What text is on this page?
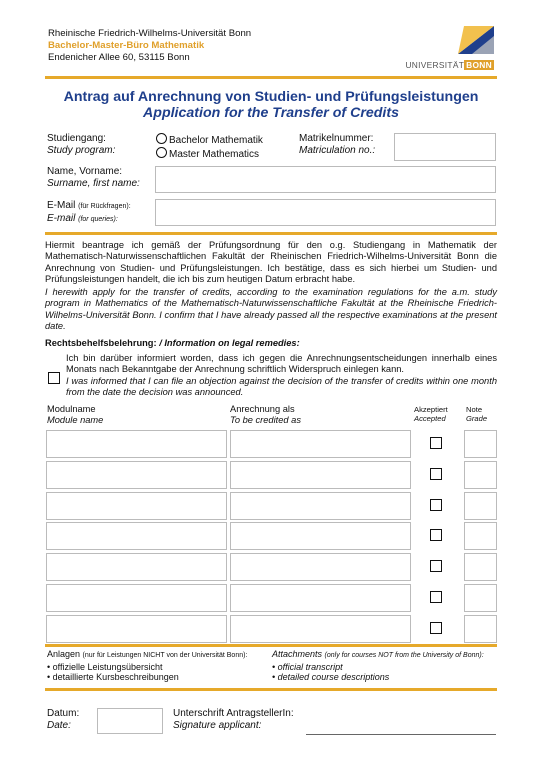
Rheinische Friedrich-Wilhelms-Universität Bonn
Bachelor-Master-Büro Mathematik
Endenicher Allee 60, 53115 Bonn
UNIVERSITÄT BONN
Antrag auf Anrechnung von Studien- und Prüfungsleistungen
Application for the Transfer of Credits
Studiengang:
Study program:
Bachelor Mathematik
Master Mathematics
Matrikelnummer:
Matriculation no.:
Name, Vorname:
Surname, first name:
E-Mail (für Rückfragen):
E-mail (for queries):
Hiermit beantrage ich gemäß der Prüfungsordnung für den o.g. Studiengang in Mathematik der Mathematisch-Naturwissenschaftlichen Fakultät der Rheinischen Friedrich-Wilhelms-Universität Bonn die Anrechnung von Studien- und Prüfungsleistungen. Ich bestätige, dass es sich hierbei um Studien- und Prüfungsleistungen handelt, die ich bis zum heutigen Datum erbracht habe.
I herewith apply for the transfer of credits, according to the examination regulations for the a.m. study program in Mathematics of the Mathematisch-Naturwissenschaftliche Fakultät at the Rheinische Friedrich-Wilhelms-Universität Bonn. I confirm that I have already passed all the respective examinations at the present date.
Rechtsbehelfsbelehrung: / Information on legal remedies:
Ich bin darüber informiert worden, dass ich gegen die Anrechnungsentscheidungen innerhalb eines Monats nach Bekanntgabe der Anrechnung schriftlich Widerspruch einlegen kann.
I was informed that I can file an objection against the decision of the transfer of credits within one month from the date the decision was announced.
Modulname
Module name
Anrechnung als
To be credited as
Akzeptiert
Accepted
Note
Grade
Anlagen (nur für Leistungen NICHT von der Universität Bonn):
• offizielle Leistungsübersicht
• detaillierte Kursbeschreibungen
Attachments (only for courses NOT from the University of Bonn):
• official transcript
• detailed course descriptions
Datum:
Date:
Unterschrift AntragstellerIn:
Signature applicant:
